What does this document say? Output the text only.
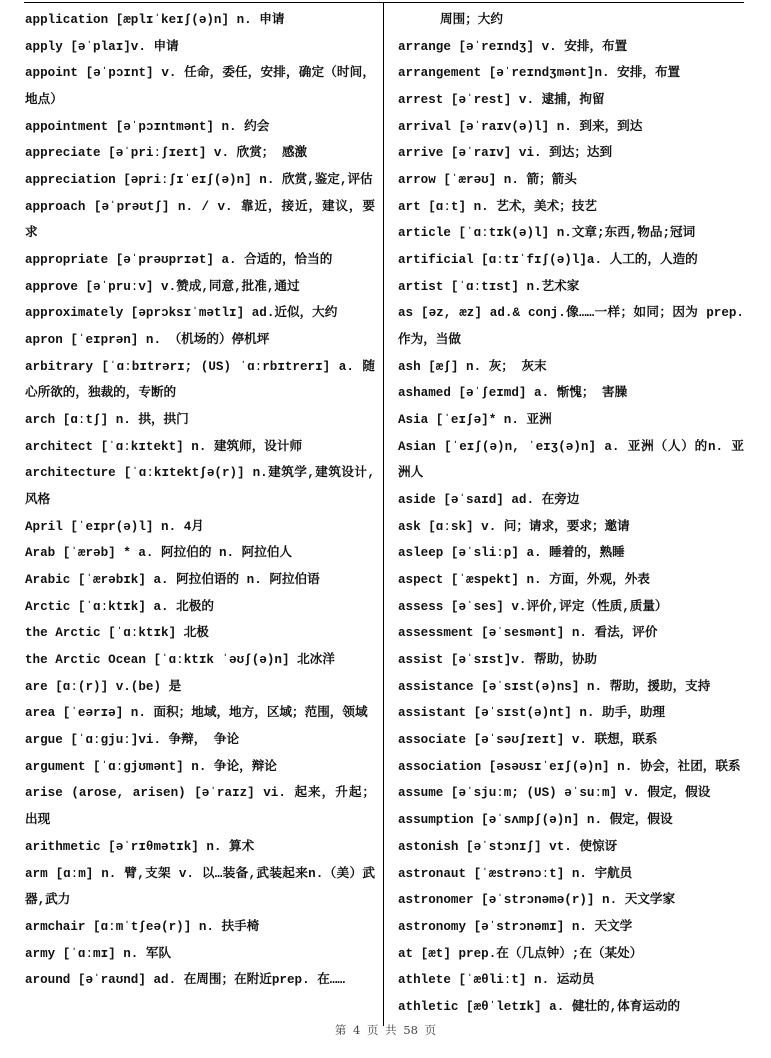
application [æplɪˈkeɪʃ(ə)n] n. 申请

apply [əˈplaɪ]v. 申请

appoint [əˈpɔɪnt] v. 任命，委任，安排，确定（时间，地点）

appointment [əˈpɔɪntmənt] n. 约会

appreciate [əˈpriːʃɪeɪt] v. 欣赏； 感激

appreciation [əpriːʃɪˈeɪʃ(ə)n] n. 欣赏,鉴定,评估

approach [əˈprəʊtʃ] n. / v. 靠近，接近，建议，要求

appropriate [əˈprəʊprɪət] a. 合适的，恰当的

approve [əˈpruːv] v.赞成,同意,批准,通过

approximately [əprɔksɪˈmətlɪ] ad.近似，大约

apron [ˈeɪprən] n. （机场的）停机坪

arbitrary [ˈɑːbɪtrərɪ; (US) ˈɑːrbɪtrerɪ] a. 随心所欲的，独裁的，专断的

arch [ɑːtʃ] n. 拱，拱门

architect [ˈɑːkɪtekt] n. 建筑师，设计师

architecture [ˈɑːkɪtektʃə(r)] n.建筑学,建筑设计,风格

April [ˈeɪpr(ə)l] n. 4月

Arab [ˈærəb] * a. 阿拉伯的 n. 阿拉伯人

Arabic [ˈærəbɪk] a. 阿拉伯语的 n. 阿拉伯语

Arctic [ˈɑːktɪk] a. 北极的

the Arctic [ˈɑːktɪk] 北极

the Arctic Ocean [ˈɑːktɪk ˈəʊʃ(ə)n] 北冰洋

are [ɑː(r)] v.(be) 是

area [ˈeərɪə] n. 面积；地域，地方，区域；范围，领域

argue [ˈɑːgjuː]vi. 争辩， 争论

argument [ˈɑːgjʊmənt] n. 争论，辩论

arise (arose, arisen) [əˈraɪz] vi. 起来，升起；出现

arithmetic [əˈrɪθmətɪk] n. 算术

arm [ɑːm] n. 臂,支架 v. 以…装备,武装起来n.（美）武器,武力

armchair [ɑːmˈtʃeə(r)] n. 扶手椅

army [ˈɑːmɪ] n. 军队

around [əˈraʊnd] ad. 在周围；在附近prep. 在……

周围；大约

arrange [əˈreɪndʒ] v. 安排，布置

arrangement [əˈreɪndʒmənt]n. 安排，布置

arrest [əˈrest] v. 逮捕，拘留

arrival [əˈraɪv(ə)l] n. 到来，到达

arrive [əˈraɪv] vi. 到达；达到

arrow [ˈærəʊ] n. 箭；箭头

art [ɑːt] n. 艺术，美术；技艺

article [ˈɑːtɪk(ə)l] n.文章;东西,物品;冠词

artificial [ɑːtɪˈfɪʃ(ə)l]a. 人工的，人造的

artist [ˈɑːtɪst] n.艺术家

as [əz, æz] ad.& conj.像……一样；如同；因为 prep. 作为，当做

ash [æʃ] n. 灰； 灰末

ashamed [əˈʃeɪmd] a. 惭愧； 害臊

Asia [ˈeɪʃə]* n. 亚洲

Asian [ˈeɪʃ(ə)n, ˈeɪʒ(ə)n] a. 亚洲（人）的n. 亚洲人

aside [əˈsaɪd] ad. 在旁边

ask [ɑːsk] v. 问；请求，要求；邀请

asleep [əˈsliːp] a. 睡着的，熟睡

aspect [ˈæspekt] n. 方面，外观，外表

assess [əˈses] v.评价,评定（性质,质量）

assessment [əˈsesmənt] n. 看法，评价

assist [əˈsɪst]v. 帮助，协助

assistance [əˈsɪst(ə)ns] n. 帮助，援助，支持

assistant [əˈsɪst(ə)nt] n. 助手，助理

associate [əˈsəʊʃɪeɪt] v. 联想，联系

association [əsəʊsɪˈeɪʃ(ə)n] n. 协会，社团，联系

assume [əˈsjuːm; (US) əˈsuːm] v. 假定，假设

assumption [əˈsʌmpʃ(ə)n] n. 假定，假设

astonish [əˈstɔnɪʃ] vt. 使惊讶

astronaut [ˈæstrənɔːt] n. 宇航员

astronomer [əˈstrɔnəmə(r)] n. 天文学家

astronomy [əˈstrɔnəmɪ] n. 天文学

at [æt] prep.在（几点钟）;在（某处）

athlete [ˈæθliːt] n. 运动员

athletic [æθˈletɪk] a. 健壮的,体育运动的

第 4 页 共 58 页
